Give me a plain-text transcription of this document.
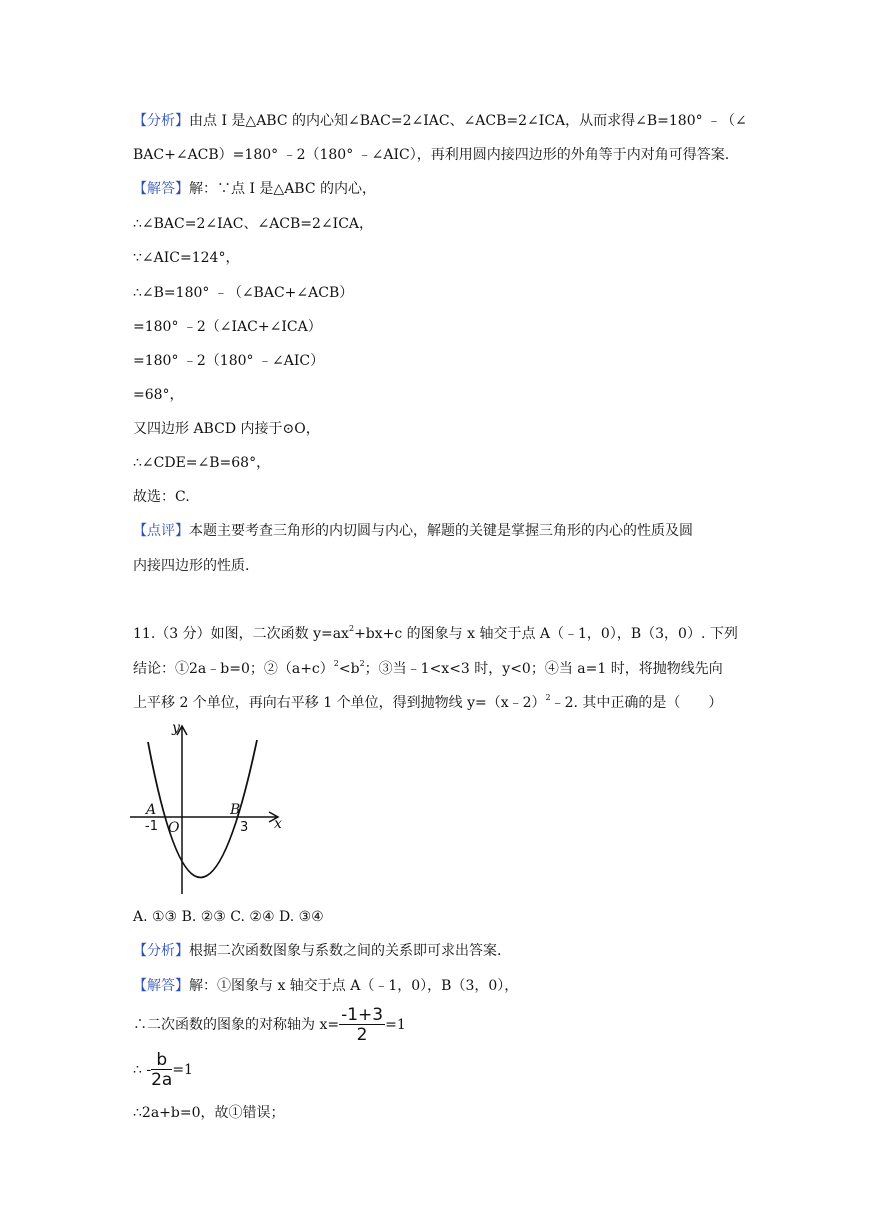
【分析】由点 I 是△ABC 的内心知∠BAC=2∠IAC、∠ACB=2∠ICA，从而求得∠B=180° ﹣（∠
BAC+∠ACB）=180° ﹣2（180° ﹣∠AIC），再利用圆内接四边形的外角等于内对角可得答案.
【解答】解：∵点 I 是△ABC 的内心，
∴∠BAC=2∠IAC、∠ACB=2∠ICA，
∵∠AIC=124°，
∴∠B=180° ﹣（∠BAC+∠ACB）
=180° ﹣2（∠IAC+∠ICA）
=180° ﹣2（180° ﹣∠AIC）
=68°，
又四边形 ABCD 内接于⊙O，
∴∠CDE=∠B=68°，
故选：C.
【点评】本题主要考查三角形的内切圆与内心，解题的关键是掌握三角形的内心的性质及圆
内接四边形的性质.
11.（3 分）如图，二次函数 $y=ax^2+bx+c$ 的图象与 x 轴交于点 A（﹣1，0），B（3，0）. 下列
结论：①2a﹣b=0；$②(a+c)^2<b^2$；③当﹣1<x<3 时，y<0；④当 a=1 时，将抛物线先向
上平移 2 个单位，再向右平移 1 个单位，得到抛物线 y=（x﹣2）$^2$﹣2. 其中正确的是（　　）
y
x
A	B
O
-1	3
A. ①③ B. ②③ C. ②④ D. ③④
【分析】根据二次函数图象与系数之间的关系即可求出答案.
【解答】解：①图象与 x 轴交于点 A（﹣1，0），B（3，0），
∴二次函数的图象的对称轴为 $x= \frac{-1+3}{2} =1$
∴ - $\frac{b}{2a} =1$
∴2a+b=0，故①错误；
